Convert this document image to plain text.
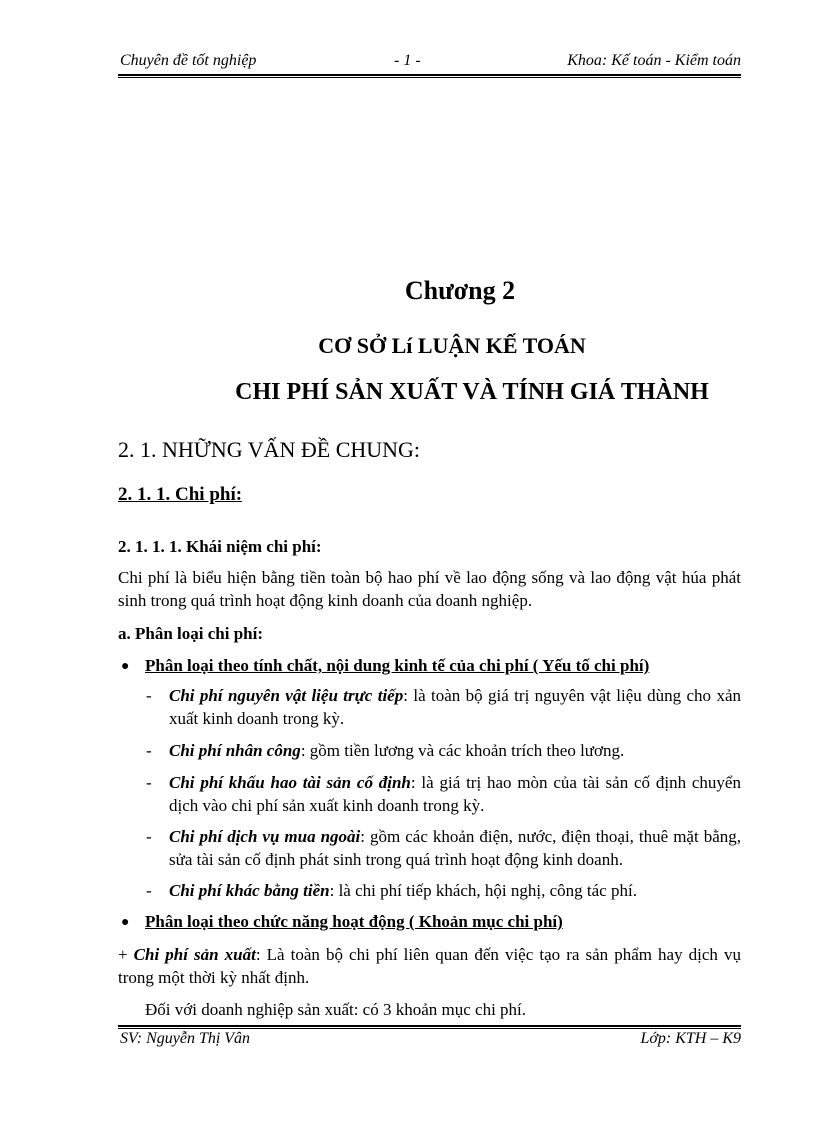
Chuyên đề tốt nghiệp	- 1 -	Khoa: Kế toán - Kiểm toán
Chương 2
CƠ SỞ Lí LUẬN KẾ TOÁN
CHI PHÍ SẢN XUẤT VÀ TÍNH GIÁ THÀNH
2. 1. NHỮNG VẤN ĐỀ CHUNG:
2. 1. 1. Chi phí:
2. 1. 1. 1. Khái niệm chi phí:
Chi phí là biểu hiện bằng tiền toàn bộ hao phí về lao động sống và lao động vật húa phát sinh trong quá trình hoạt động kinh doanh của doanh nghiệp.
a. Phân loại chi phí:
● Phân loại theo tính chất, nội dung kinh tế của chi phí ( Yếu tố chi phí)
- Chi phí nguyên vật liệu trực tiếp: là toàn bộ giá trị nguyên vật liệu dùng cho xản xuất kinh doanh trong kỳ.
- Chi phí nhân công: gồm tiền lương và các khoản trích theo lương.
- Chi phí khấu hao tài sản cố định: là giá trị hao mòn của tài sản cố định chuyển dịch vào chi phí sản xuất kinh doanh trong kỳ.
- Chi phí dịch vụ mua ngoài: gồm các khoản điện, nước, điện thoại, thuê mặt bằng, sửa tài sản cố định phát sinh trong quá trình hoạt động kinh doanh.
- Chi phí khác bằng tiền: là chi phí tiếp khách, hội nghị, công tác phí.
● Phân loại theo chức năng hoạt động ( Khoản mục chi phí)
+ Chi phí sản xuất: Là toàn bộ chi phí liên quan đến việc tạo ra sản phẩm hay dịch vụ trong một thời kỳ nhất định.
Đối với doanh nghiệp sản xuất: có 3 khoản mục chi phí.
SV: Nguyễn Thị Vân	Lớp: KTH – K9
